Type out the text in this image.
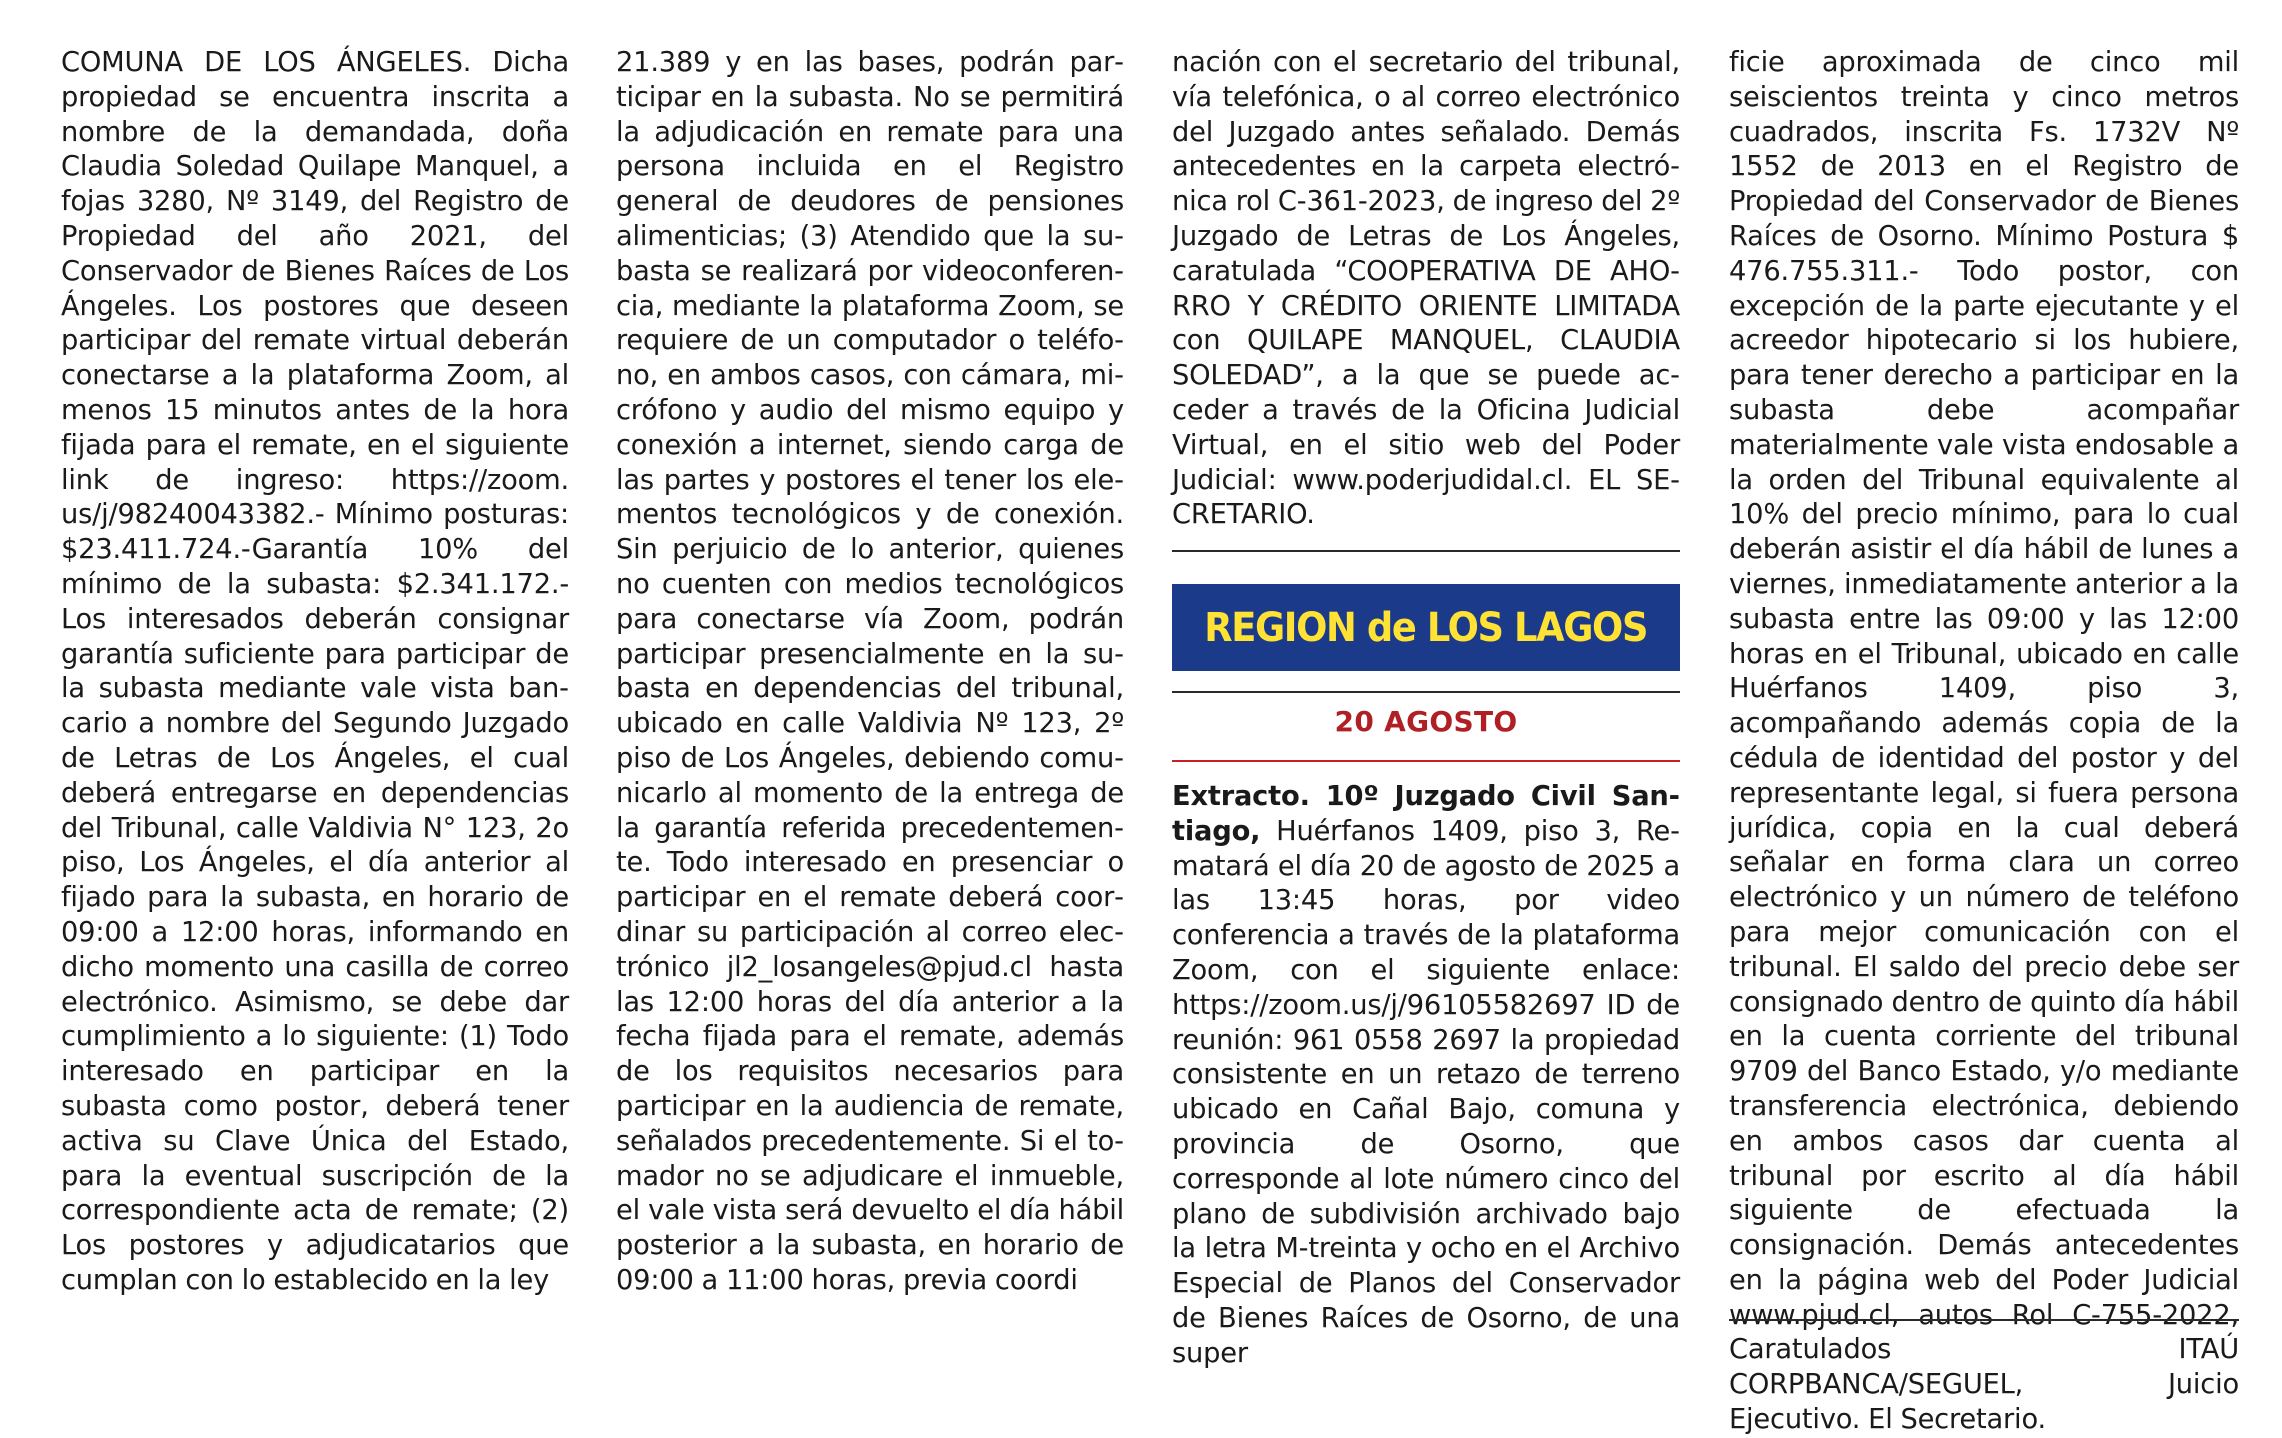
COMUNA DE LOS ÁNGELES. Dicha propiedad se encuentra inscrita a nombre de la demandada, doña Claudia Soledad Quilape Manquel, a fojas 3280, Nº 3149, del Registro de Propiedad del año 2021, del Conservador de Bienes Raíces de Los Ángeles. Los postores que deseen participar del remate virtual deberán conectarse a la plataforma Zoom, al menos 15 minutos antes de la hora fijada para el remate, en el siguiente link de ingreso: https://zoom.​us/j/98240043382.- Mínimo posturas: $23.411.724.-Garantía 10% del mínimo de la subasta: $2.341.172.- Los interesados deberán consignar garantía suficiente para participar de la subasta mediante vale vista bancario a nombre del Segundo Juzgado de Letras de Los Ángeles, el cual deberá entregarse en dependencias del Tribunal, calle Valdivia N° 123, 2o piso, Los Ángeles, el día anterior al fijado para la subasta, en horario de 09:00 a 12:00 horas, informando en dicho momento una casilla de correo electrónico. Asimismo, se debe dar cumplimiento a lo siguiente: (1) Todo interesado en participar en la subasta como postor, deberá tener activa su Clave Única del Estado, para la eventual suscripción de la correspondiente acta de remate; (2) Los postores y adjudicatarios que cumplan con lo establecido en la ley

21.389 y en las bases, podrán participar en la subasta. No se permitirá la adjudicación en remate para una persona incluida en el Registro general de deudores de pensiones alimenticias; (3) Atendido que la subasta se realizará por videoconferencia, mediante la plataforma Zoom, se requiere de un computador o teléfono, en ambos casos, con cámara, micrófono y audio del mismo equipo y conexión a internet, siendo carga de las partes y postores el tener los elementos tecnológicos y de conexión. Sin perjuicio de lo anterior, quienes no cuenten con medios tecnológicos para conectarse vía Zoom, podrán participar presencialmente en la subasta en dependencias del tribunal, ubicado en calle Valdivia Nº 123, 2º piso de Los Ángeles, debiendo comunicarlo al momento de la entrega de la garantía referida precedentemente. Todo interesado en presenciar o participar en el remate deberá coordinar su participación al correo electrónico jl2_losangeles@pjud.cl hasta las 12:00 horas del día anterior a la fecha fijada para el remate, además de los requisitos necesarios para participar en la audiencia de remate, señalados precedentemente. Si el tomador no se adjudicare el inmueble, el vale vista será devuelto el día hábil posterior a la subasta, en horario de 09:00 a 11:00 horas, previa coordi

nación con el secretario del tribunal, vía telefónica, o al correo electrónico del Juzgado antes señalado. Demás antecedentes en la carpeta electrónica rol C-361-2023, de ingreso del 2º Juzgado de Letras de Los Ángeles, caratulada “COOPERATIVA DE AHORRO Y CRÉDITO ORIENTE LIMITADA con QUILAPE MANQUEL, CLAUDIA SOLEDAD”, a la que se puede acceder a través de la Oficina Judicial Virtual, en el sitio web del Poder Judicial: www.poderjudidal.cl. EL SECRETARIO.

REGION de LOS LAGOS
20 AGOSTO

Extracto. 10º Juzgado Civil Santiago, Huérfanos 1409, piso 3, Rematará el día 20 de agosto de 2025 a las 13:45 horas, por video conferencia a través de la plataforma Zoom, con el siguiente enlace: https://zoom.​us/j/96105582697 ID de reunión: 961 0558 2697 la propiedad consistente en un retazo de terreno ubicado en Cañal Bajo, comuna y provincia de Osorno, que corresponde al lote número cinco del plano de subdivisión archivado bajo la letra M-treinta y ocho en el Archivo Especial de Planos del Conservador de Bienes Raíces de Osorno, de una super

ficie aproximada de cinco mil seiscientos treinta y cinco metros cuadrados, inscrita Fs. 1732V Nº 1552 de 2013 en el Registro de Propiedad del Conservador de Bienes Raíces de Osorno. Mínimo Postura $ 476.755.311.- Todo postor, con excepción de la parte ejecutante y el acreedor hipotecario si los hubiere, para tener derecho a participar en la subasta debe acompañar materialmente vale vista endosable a la orden del Tribunal equivalente al 10% del precio mínimo, para lo cual deberán asistir el día hábil de lunes a viernes, inmediatamente anterior a la subasta entre las 09:00 y las 12:00 horas en el Tribunal, ubicado en calle Huérfanos 1409, piso 3, acompañando además copia de la cédula de identidad del postor y del representante legal, si fuera persona jurídica, copia en la cual deberá señalar en forma clara un correo electrónico y un número de teléfono para mejor comunicación con el tribunal. El saldo del precio debe ser consignado dentro de quinto día hábil en la cuenta corriente del tribunal 9709 del Banco Estado, y/o mediante transferencia electrónica, debiendo en ambos casos dar cuenta al tribunal por escrito al día hábil siguiente de efectuada la consignación. Demás antecedentes en la página web del Poder Judicial www.​pjud.cl, autos Rol C-755-2022, Caratulados ITAÚ CORPBANCA/SEGUEL, Juicio Ejecutivo. El Secretario.
